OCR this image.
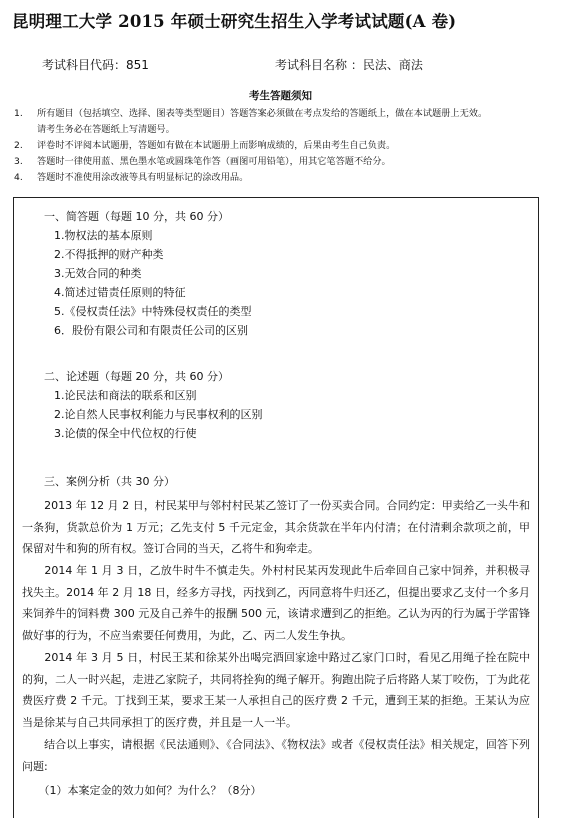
昆明理工大学 2015 年硕士研究生招生入学考试试题(A 卷)
考试科目代码：851	考试科目名称 ：民法、商法
考生答题须知
1.	所有题目（包括填空、选择、图表等类型题目）答题答案必须做在考点发给的答题纸上，做在本试题册上无效。
请考生务必在答题纸上写清题号。
2.	评卷时不评阅本试题册，答题如有做在本试题册上而影响成绩的，后果由考生自己负责。
3.	答题时一律使用蓝、黑色墨水笔或圆珠笔作答（画图可用铅笔），用其它笔答题不给分。
4.	答题时不准使用涂改液等具有明显标记的涂改用品。
一、简答题（每题 10 分，共 60 分）
1.物权法的基本原则
2.不得抵押的财产种类
3.无效合同的种类
4.简述过错责任原则的特征
5.《侵权责任法》中特殊侵权责任的类型
6．股份有限公司和有限责任公司的区别
二、论述题（每题 20 分，共 60 分）
1.论民法和商法的联系和区别
2.论自然人民事权利能力与民事权利的区别
3.论债的保全中代位权的行使
三、案例分析（共 30 分）
　　2013 年 12 月 2 日，村民某甲与邻村村民某乙签订了一份买卖合同。合同约定：甲卖给乙一头牛和一条狗，货款总价为 1 万元；乙先支付 5 千元定金，其余货款在半年内付清；在付清剩余款项之前，甲保留对牛和狗的所有权。签订合同的当天，乙将牛和狗牵走。
　　2014 年 1 月 3 日，乙放牛时牛不慎走失。外村村民某丙发现此牛后牵回自己家中饲养，并积极寻找失主。2014 年 2 月 18 日，经多方寻找，丙找到乙，丙同意将牛归还乙，但提出要求乙支付一个多月来饲养牛的饲料费 300 元及自己养牛的报酬 500 元，该请求遭到乙的拒绝。乙认为丙的行为属于学雷锋做好事的行为，不应当索要任何费用，为此，乙、丙二人发生争执。
　　2014 年 3 月 5 日，村民王某和徐某外出喝完酒回家途中路过乙家门口时，看见乙用绳子拴在院中的狗，二人一时兴起，走进乙家院子，共同将拴狗的绳子解开。狗跑出院子后将路人某丁咬伤，丁为此花费医疗费 2 千元。丁找到王某，要求王某一人承担自己的医疗费 2 千元，遭到王某的拒绝。王某认为应当是徐某与自己共同承担丁的医疗费，并且是一人一半。
　　结合以上事实，请根据《民法通则》、《合同法》、《物权法》或者《侵权责任法》相关规定，回答下列问题:
　　（1）本案定金的效力如何？为什么？（8分）
